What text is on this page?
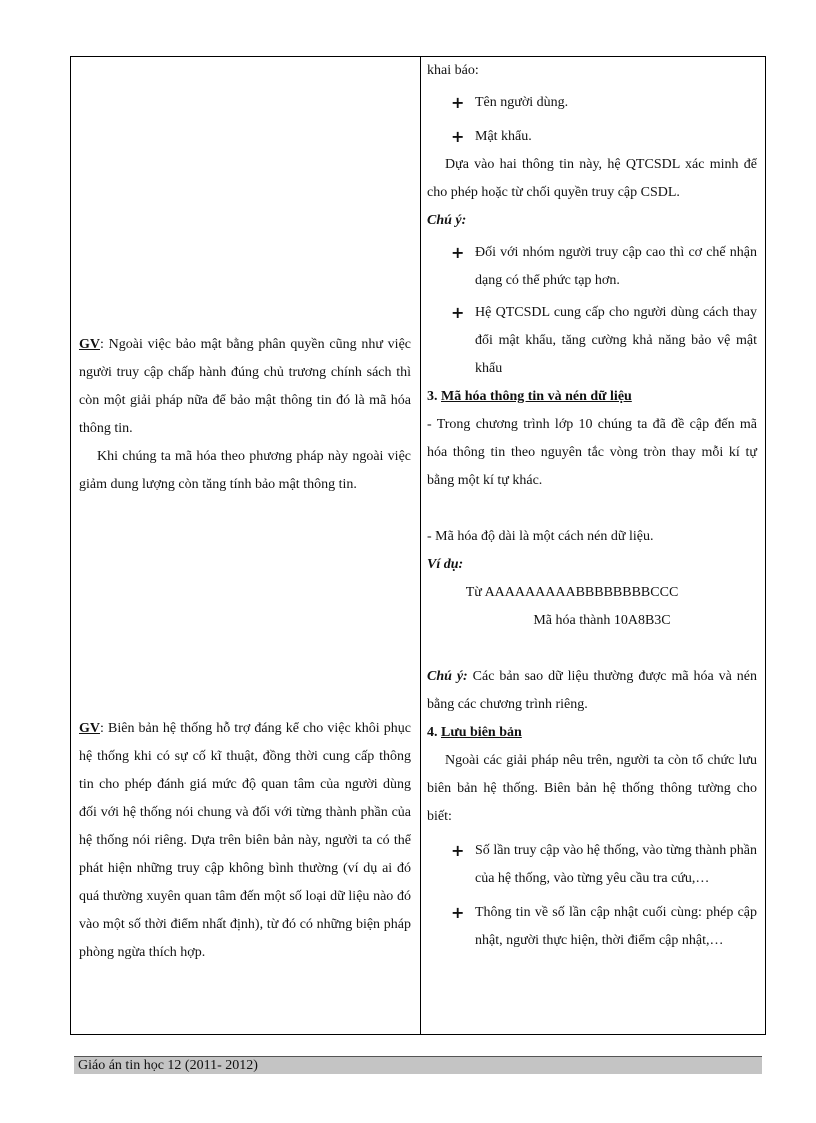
GV: Ngoài việc bảo mật bằng phân quyền cũng như việc người truy cập chấp hành đúng chủ trương chính sách thì còn một giải pháp nữa để bảo mật thông tin đó là mã hóa thông tin.

Khi chúng ta mã hóa theo phương pháp này ngoài việc giảm dung lượng còn tăng tính bảo mật thông tin.

GV: Biên bản hệ thống hỗ trợ đáng kể cho việc khôi phục hệ thống khi có sự cố kĩ thuật, đồng thời cung cấp thông tin cho phép đánh giá mức độ quan tâm của người dùng đối với hệ thống nói chung và đối với từng thành phần của hệ thống nói riêng. Dựa trên biên bản này, người ta có thể phát hiện những truy cập không bình thường (ví dụ ai đó quá thường xuyên quan tâm đến một số loại dữ liệu nào đó vào một số thời điểm nhất định), từ đó có những biện pháp phòng ngừa thích hợp.

khai báo:

+ Tên người dùng.

+ Mật khẩu.

Dựa vào hai thông tin này, hệ QTCSDL xác minh để cho phép hoặc từ chối quyền truy cập CSDL.

Chú ý:

+ Đối với nhóm người truy cập cao thì cơ chế nhận dạng có thể phức tạp hơn.

+ Hệ QTCSDL cung cấp cho người dùng cách thay đổi mật khẩu, tăng cường khả năng bảo vệ mật khẩu

3. Mã hóa thông tin và nén dữ liệu

- Trong chương trình lớp 10 chúng ta đã đề cập đến mã hóa thông tin theo nguyên tắc vòng tròn thay mỗi kí tự bằng một kí tự khác.

- Mã hóa độ dài là một cách nén dữ liệu.

Ví dụ:

Từ AAAAAAAAABBBBBBBBCCC

Mã hóa thành 10A8B3C

Chú ý: Các bản sao dữ liệu thường được mã hóa và nén bằng các chương trình riêng.

4. Lưu biên bản

Ngoài các giải pháp nêu trên, người ta còn tổ chức lưu biên bản hệ thống. Biên bản hệ thống thông tường cho biết:

+ Số lần truy cập vào hệ thống, vào từng thành phần của hệ thống, vào từng yêu cầu tra cứu,…

+ Thông tin về số lần cập nhật cuối cùng: phép cập nhật, người thực hiện, thời điểm cập nhật,…

Giáo án tin học 12 (2011- 2012)
